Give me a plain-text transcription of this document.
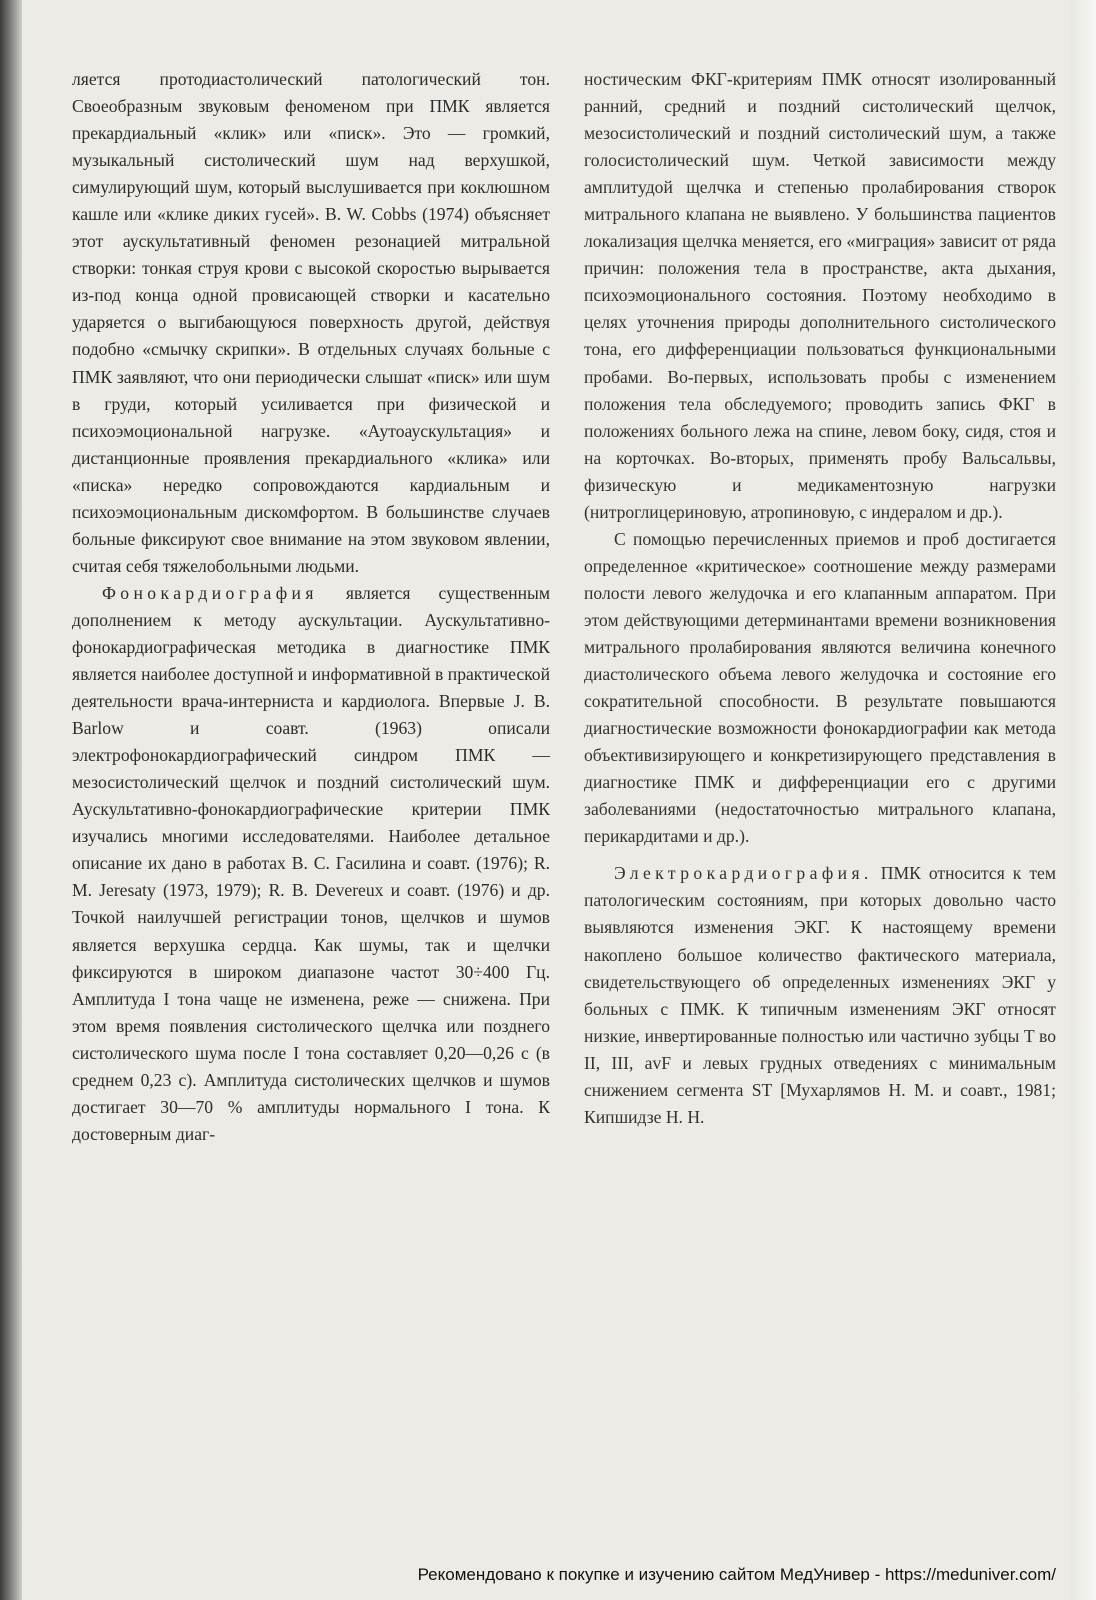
ляется протодиастолический патологический тон. Своеобразным звуковым феноменом при ПМК является прекардиальный «клик» или «писк». Это — громкий, музыкальный систолический шум над верхушкой, симулирующий шум, который выслушивается при коклюшном кашле или «клике диких гусей». B. W. Cobbs (1974) объясняет этот аускультативный феномен резонацией митральной створки: тонкая струя крови с высокой скоростью вырывается из-под конца одной провисающей створки и касательно ударяется о выгибающуюся поверхность другой, действуя подобно «смычку скрипки». В отдельных случаях больные с ПМК заявляют, что они периодически слышат «писк» или шум в груди, который усиливается при физической и психоэмоциональной нагрузке. «Аутоаускультация» и дистанционные проявления прекардиального «клика» или «писка» нередко сопровождаются кардиальным и психоэмоциональным дискомфортом. В большинстве случаев больные фиксируют свое внимание на этом звуковом явлении, считая себя тяжелобольными людьми.

Фонокардиография является существенным дополнением к методу аускультации. Аускультативно-фонокардиографическая методика в диагностике ПМК является наиболее доступной и информативной в практической деятельности врача-интерниста и кардиолога. Впервые J. B. Barlow и соавт. (1963) описали электрофонокардиографический синдром ПМК — мезосистолический щелчок и поздний систолический шум. Аускультативно-фонокардиографические критерии ПМК изучались многими исследователями. Наиболее детальное описание их дано в работах В. С. Гасилина и соавт. (1976); R. M. Jeresaty (1973, 1979); R. B. Devereux и соавт. (1976) и др. Точкой наилучшей регистрации тонов, щелчков и шумов является верхушка сердца. Как шумы, так и щелчки фиксируются в широком диапазоне частот 30÷400 Гц. Амплитуда I тона чаще не изменена, реже — снижена. При этом время появления систолического щелчка или позднего систолического шума после I тона составляет 0,20—0,26 с (в среднем 0,23 с). Амплитуда систолических щелчков и шумов достигает 30—70 % амплитуды нормального I тона. К достоверным диаг-

ностическим ФКГ-критериям ПМК относят изолированный ранний, средний и поздний систолический щелчок, мезосистолический и поздний систолический шум, а также голосистолический шум. Четкой зависимости между амплитудой щелчка и степенью пролабирования створок митрального клапана не выявлено. У большинства пациентов локализация щелчка меняется, его «миграция» зависит от ряда причин: положения тела в пространстве, акта дыхания, психоэмоционального состояния. Поэтому необходимо в целях уточнения природы дополнительного систолического тона, его дифференциации пользоваться функциональными пробами. Во-первых, использовать пробы с изменением положения тела обследуемого; проводить запись ФКГ в положениях больного лежа на спине, левом боку, сидя, стоя и на корточках. Во-вторых, применять пробу Вальсальвы, физическую и медикаментозную нагрузки (нитроглицериновую, атропиновую, с индералом и др.).

С помощью перечисленных приемов и проб достигается определенное «критическое» соотношение между размерами полости левого желудочка и его клапанным аппаратом. При этом действующими детерминантами времени возникновения митрального пролабирования являются величина конечного диастолического объема левого желудочка и состояние его сократительной способности. В результате повышаются диагностические возможности фонокардиографии как метода объективизирующего и конкретизирующего представления в диагностике ПМК и дифференциации его с другими заболеваниями (недостаточностью митрального клапана, перикардитами и др.).

Электрокардиография. ПМК относится к тем патологическим состояниям, при которых довольно часто выявляются изменения ЭКГ. К настоящему времени накоплено большое количество фактического материала, свидетельствующего об определенных изменениях ЭКГ у больных с ПМК. К типичным изменениям ЭКГ относят низкие, инвертированные полностью или частично зубцы T во II, III, avF и левых грудных отведениях с минимальным снижением сегмента ST [Мухарлямов Н. М. и соавт., 1981; Кипшидзе Н. Н.

Рекомендовано к покупке и изучению сайтом МедУнивер - https://meduniver.com/
